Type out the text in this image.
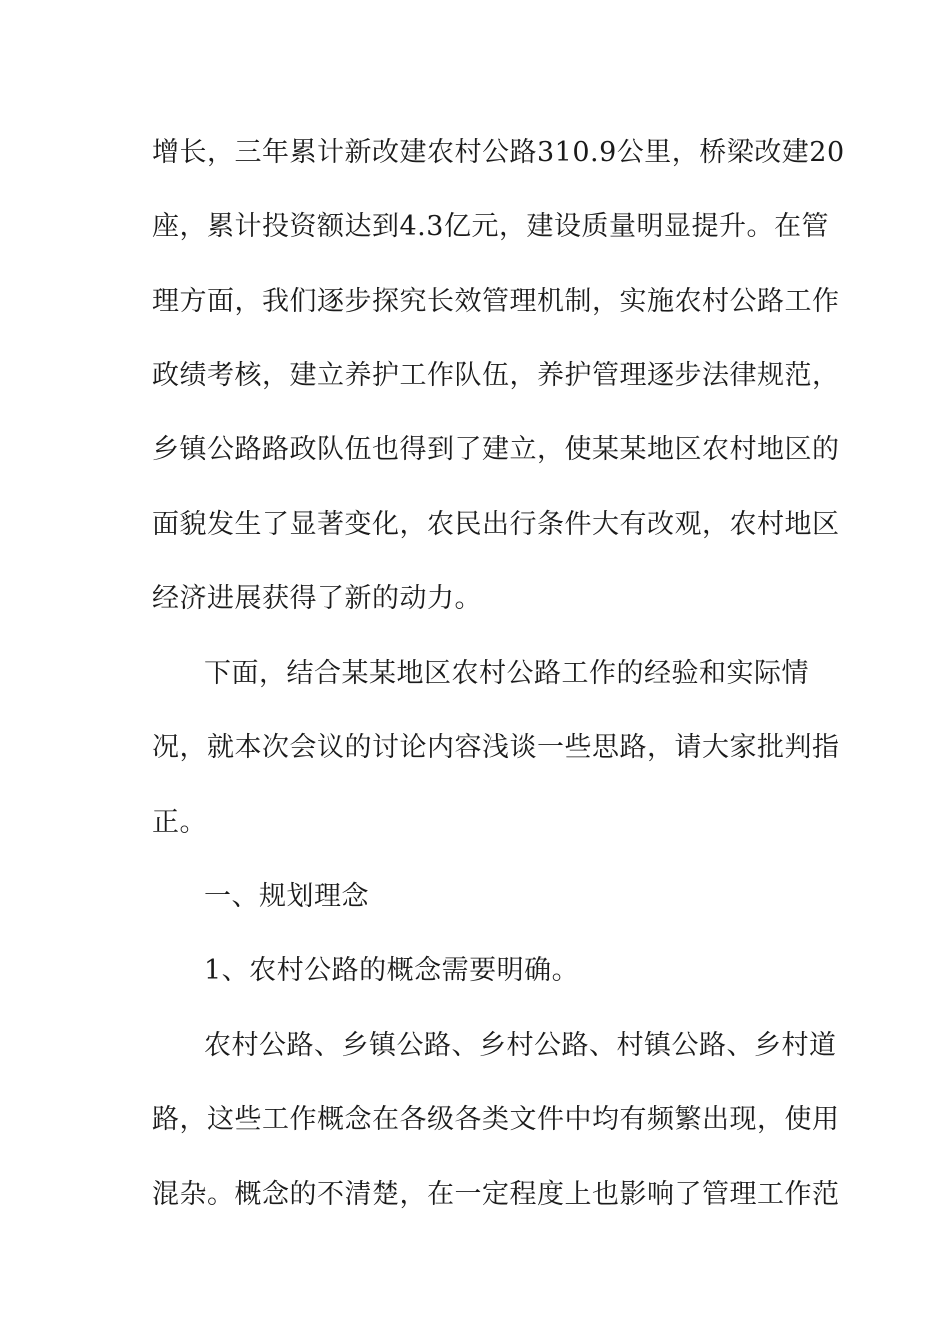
增长，三年累计新改建农村公路310.9公里，桥梁改建20
座，累计投资额达到4.3亿元，建设质量明显提升。在管
理方面，我们逐步探究长效管理机制，实施农村公路工作
政绩考核，建立养护工作队伍，养护管理逐步法律规范，
乡镇公路路政队伍也得到了建立，使某某地区农村地区的
面貌发生了显著变化，农民出行条件大有改观，农村地区
经济进展获得了新的动力。
下面，结合某某地区农村公路工作的经验和实际情
况，就本次会议的讨论内容浅谈一些思路，请大家批判指
正。
一、规划理念
1、农村公路的概念需要明确。
农村公路、乡镇公路、乡村公路、村镇公路、乡村道
路，这些工作概念在各级各类文件中均有频繁出现，使用
混杂。概念的不清楚，在一定程度上也影响了管理工作范
